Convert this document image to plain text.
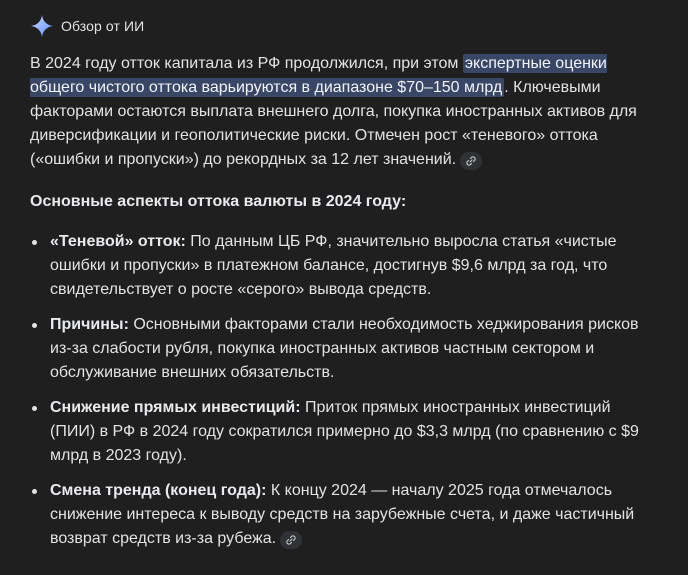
Обзор от ИИ

В 2024 году отток капитала из РФ продолжился, при этом экспертные оценки общего чистого оттока варьируются в диапазоне $70–150 млрд . Ключевыми факторами остаются выплата внешнего долга, покупка иностранных активов для диверсификации и геополитические риски. Отмечен рост «теневого» оттока («ошибки и пропуски») до рекордных за 12 лет значений.

Основные аспекты оттока валюты в 2024 году:

«Теневой» отток: По данным ЦБ РФ, значительно выросла статья «чистые ошибки и пропуски» в платежном балансе, достигнув $9,6 млрд за год, что свидетельствует о росте «серого» вывода средств.
Причины: Основными факторами стали необходимость хеджирования рисков из-за слабости рубля, покупка иностранных активов частным сектором и обслуживание внешних обязательств.
Снижение прямых инвестиций: Приток прямых иностранных инвестиций (ПИИ) в РФ в 2024 году сократился примерно до $3,3 млрд (по сравнению с $9 млрд в 2023 году).
Смена тренда (конец года): К концу 2024 — началу 2025 года отмечалось снижение интереса к выводу средств на зарубежные счета, и даже частичный возврат средств из-за рубежа.
